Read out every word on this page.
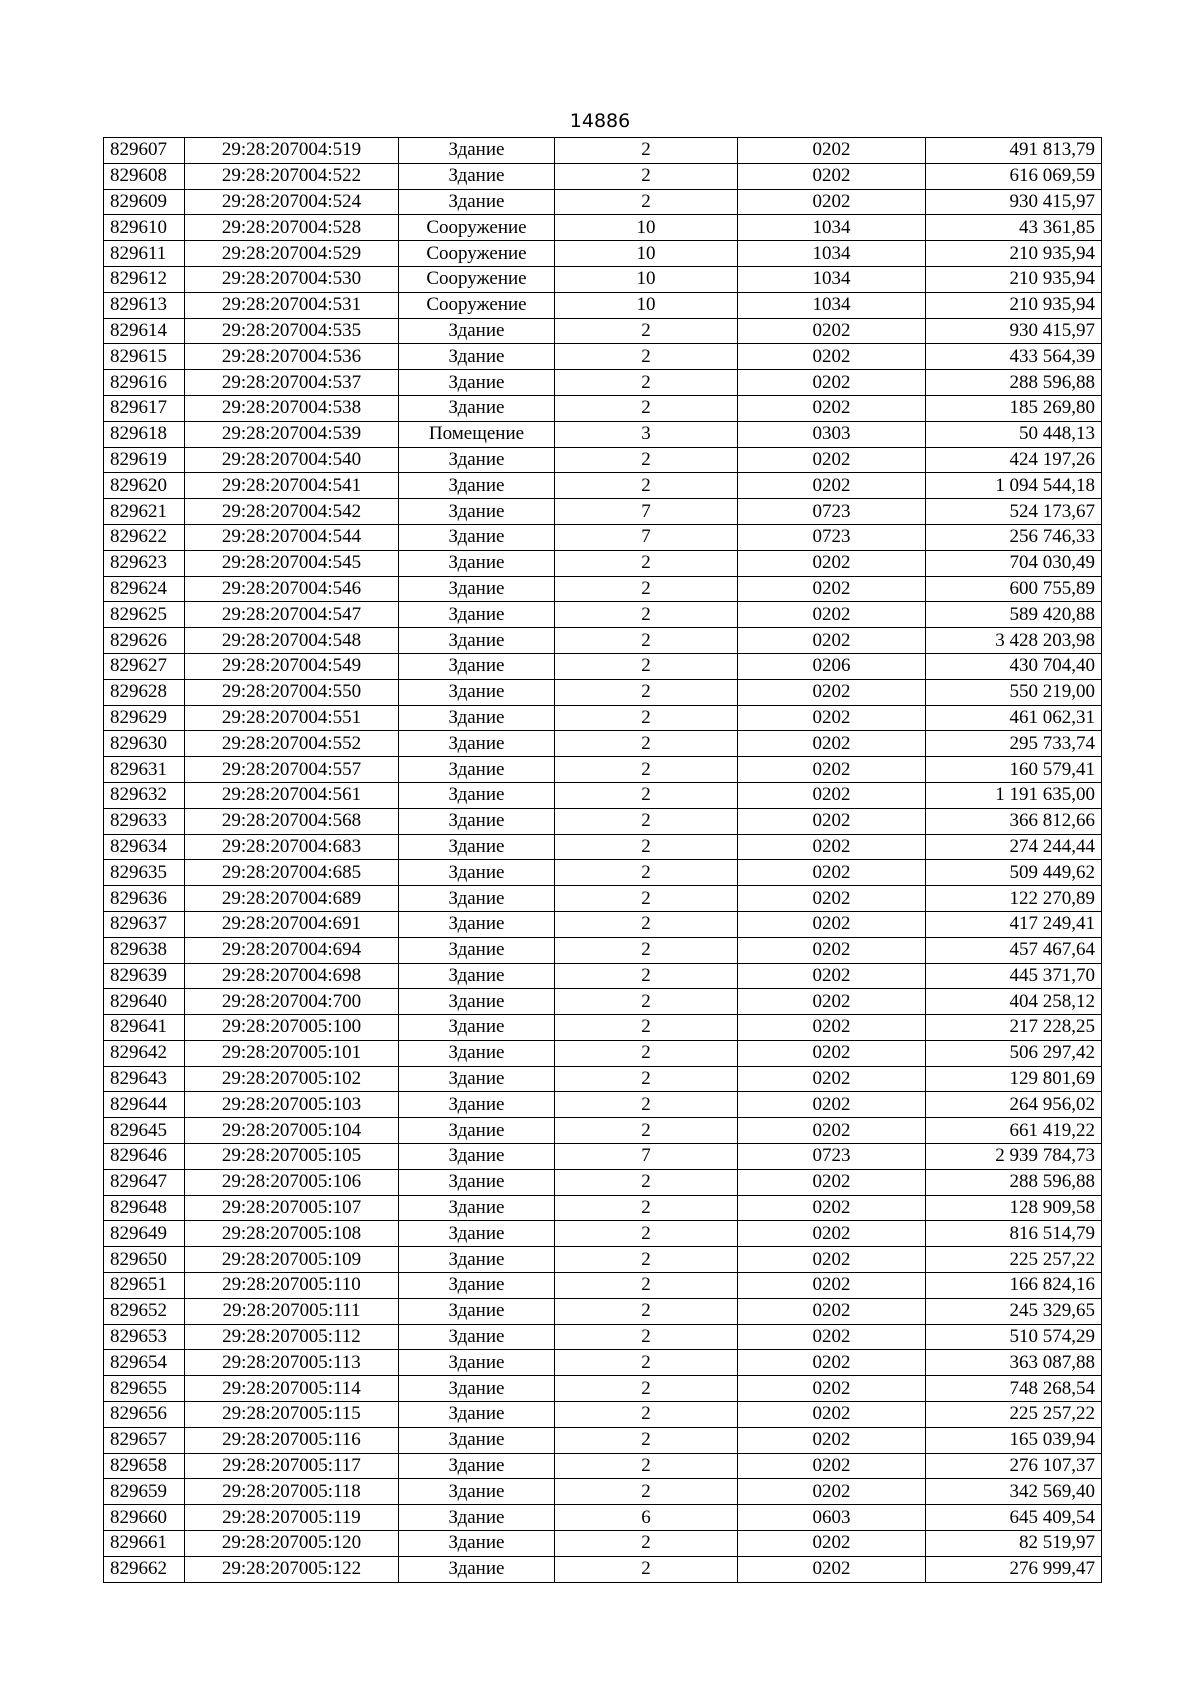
14886
829607	29:28:207004:519	Здание	2	0202	491 813,79
829608	29:28:207004:522	Здание	2	0202	616 069,59
829609	29:28:207004:524	Здание	2	0202	930 415,97
829610	29:28:207004:528	Сооружение	10	1034	43 361,85
829611	29:28:207004:529	Сооружение	10	1034	210 935,94
829612	29:28:207004:530	Сооружение	10	1034	210 935,94
829613	29:28:207004:531	Сооружение	10	1034	210 935,94
829614	29:28:207004:535	Здание	2	0202	930 415,97
829615	29:28:207004:536	Здание	2	0202	433 564,39
829616	29:28:207004:537	Здание	2	0202	288 596,88
829617	29:28:207004:538	Здание	2	0202	185 269,80
829618	29:28:207004:539	Помещение	3	0303	50 448,13
829619	29:28:207004:540	Здание	2	0202	424 197,26
829620	29:28:207004:541	Здание	2	0202	1 094 544,18
829621	29:28:207004:542	Здание	7	0723	524 173,67
829622	29:28:207004:544	Здание	7	0723	256 746,33
829623	29:28:207004:545	Здание	2	0202	704 030,49
829624	29:28:207004:546	Здание	2	0202	600 755,89
829625	29:28:207004:547	Здание	2	0202	589 420,88
829626	29:28:207004:548	Здание	2	0202	3 428 203,98
829627	29:28:207004:549	Здание	2	0206	430 704,40
829628	29:28:207004:550	Здание	2	0202	550 219,00
829629	29:28:207004:551	Здание	2	0202	461 062,31
829630	29:28:207004:552	Здание	2	0202	295 733,74
829631	29:28:207004:557	Здание	2	0202	160 579,41
829632	29:28:207004:561	Здание	2	0202	1 191 635,00
829633	29:28:207004:568	Здание	2	0202	366 812,66
829634	29:28:207004:683	Здание	2	0202	274 244,44
829635	29:28:207004:685	Здание	2	0202	509 449,62
829636	29:28:207004:689	Здание	2	0202	122 270,89
829637	29:28:207004:691	Здание	2	0202	417 249,41
829638	29:28:207004:694	Здание	2	0202	457 467,64
829639	29:28:207004:698	Здание	2	0202	445 371,70
829640	29:28:207004:700	Здание	2	0202	404 258,12
829641	29:28:207005:100	Здание	2	0202	217 228,25
829642	29:28:207005:101	Здание	2	0202	506 297,42
829643	29:28:207005:102	Здание	2	0202	129 801,69
829644	29:28:207005:103	Здание	2	0202	264 956,02
829645	29:28:207005:104	Здание	2	0202	661 419,22
829646	29:28:207005:105	Здание	7	0723	2 939 784,73
829647	29:28:207005:106	Здание	2	0202	288 596,88
829648	29:28:207005:107	Здание	2	0202	128 909,58
829649	29:28:207005:108	Здание	2	0202	816 514,79
829650	29:28:207005:109	Здание	2	0202	225 257,22
829651	29:28:207005:110	Здание	2	0202	166 824,16
829652	29:28:207005:111	Здание	2	0202	245 329,65
829653	29:28:207005:112	Здание	2	0202	510 574,29
829654	29:28:207005:113	Здание	2	0202	363 087,88
829655	29:28:207005:114	Здание	2	0202	748 268,54
829656	29:28:207005:115	Здание	2	0202	225 257,22
829657	29:28:207005:116	Здание	2	0202	165 039,94
829658	29:28:207005:117	Здание	2	0202	276 107,37
829659	29:28:207005:118	Здание	2	0202	342 569,40
829660	29:28:207005:119	Здание	6	0603	645 409,54
829661	29:28:207005:120	Здание	2	0202	82 519,97
829662	29:28:207005:122	Здание	2	0202	276 999,47
